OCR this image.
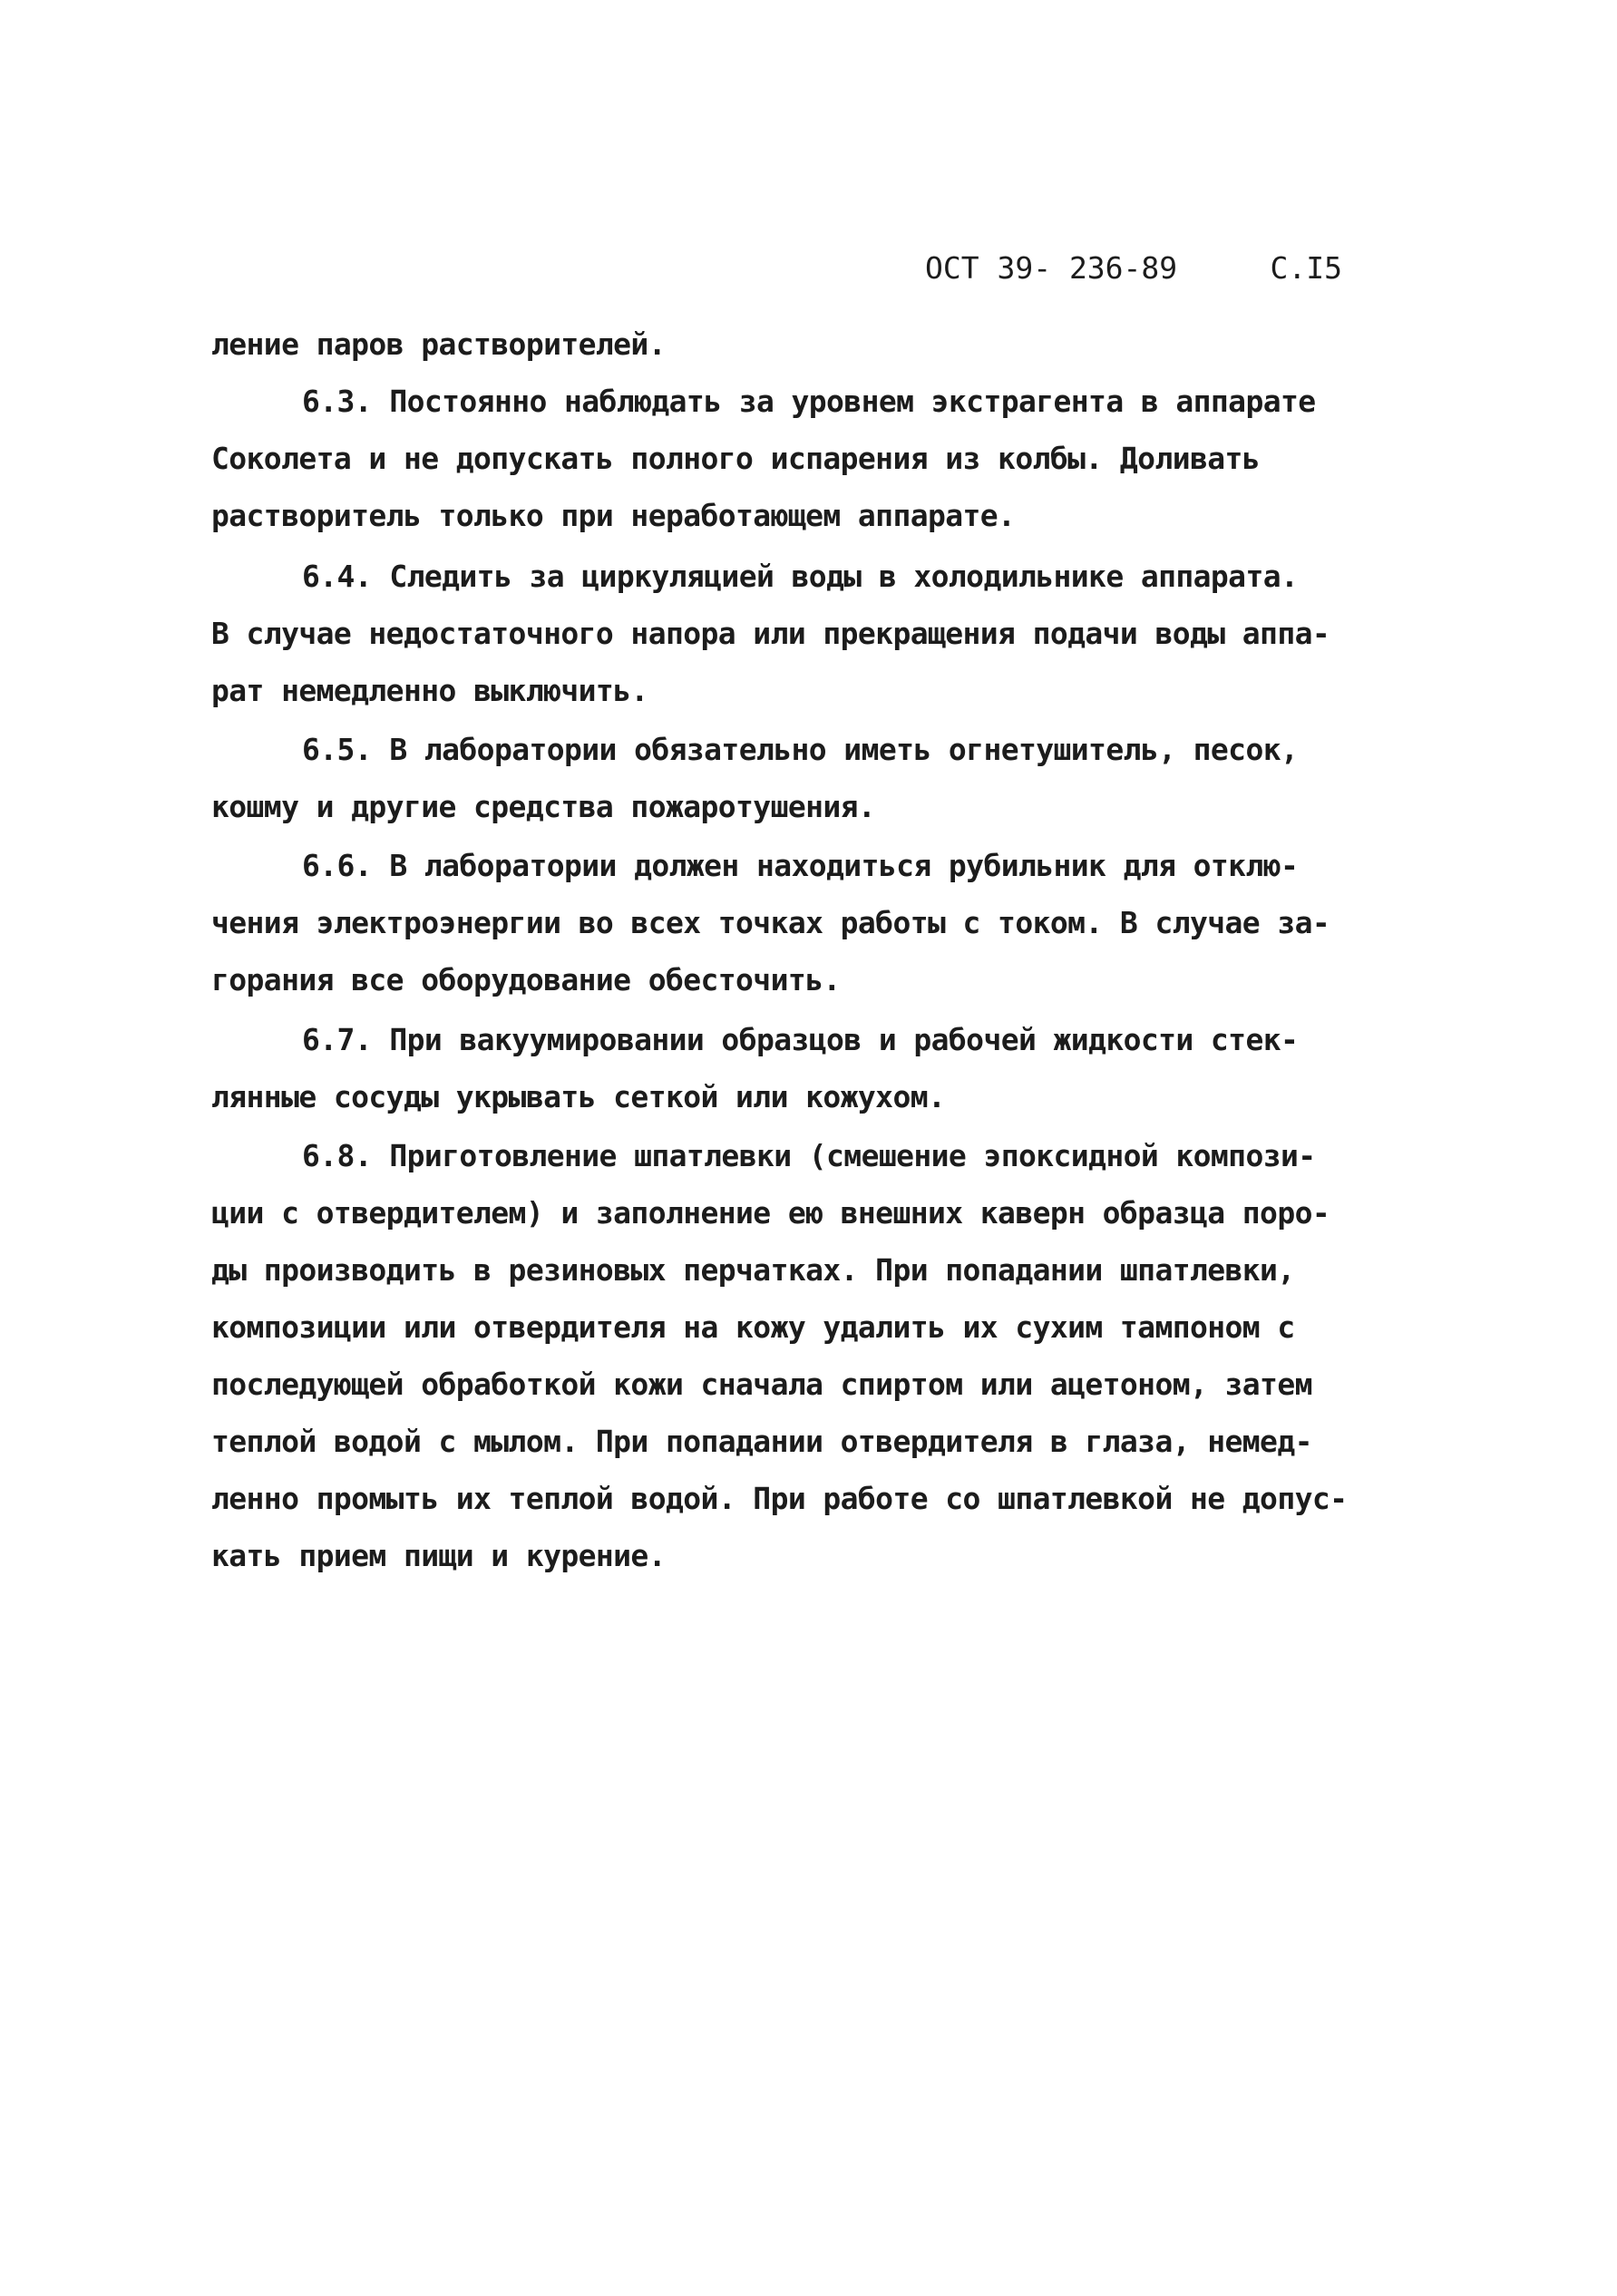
ОСТ 39- 236-89	С.I5
ление паров растворителей.
6.3. Постоянно наблюдать за уровнем экстрагента в аппарате
Соколета и не допускать полного испарения из колбы. Доливать
растворитель только при неработающем аппарате.
6.4. Следить за циркуляцией воды в холодильнике аппарата.
В случае недостаточного напора или прекращения подачи воды аппа-
рат немедленно выключить.
6.5. В лаборатории обязательно иметь огнетушитель, песок,
кошму и другие средства пожаротушения.
6.6. В лаборатории должен находиться рубильник для отклю-
чения электроэнергии во всех точках работы с током. В случае за-
горания все оборудование обесточить.
6.7. При вакуумировании образцов и рабочей жидкости стек-
лянные сосуды укрывать сеткой или кожухом.
6.8. Приготовление шпатлевки (смешение эпоксидной компози-
ции с отвердителем) и заполнение ею внешних каверн образца поро-
ды производить в резиновых перчатках. При попадании шпатлевки,
композиции или отвердителя на кожу удалить их сухим тампоном с
последующей обработкой кожи сначала спиртом или ацетоном, затем
теплой водой с мылом. При попадании отвердителя в глаза, немед-
ленно промыть их теплой водой. При работе со шпатлевкой не допус-
кать прием пищи и курение.
